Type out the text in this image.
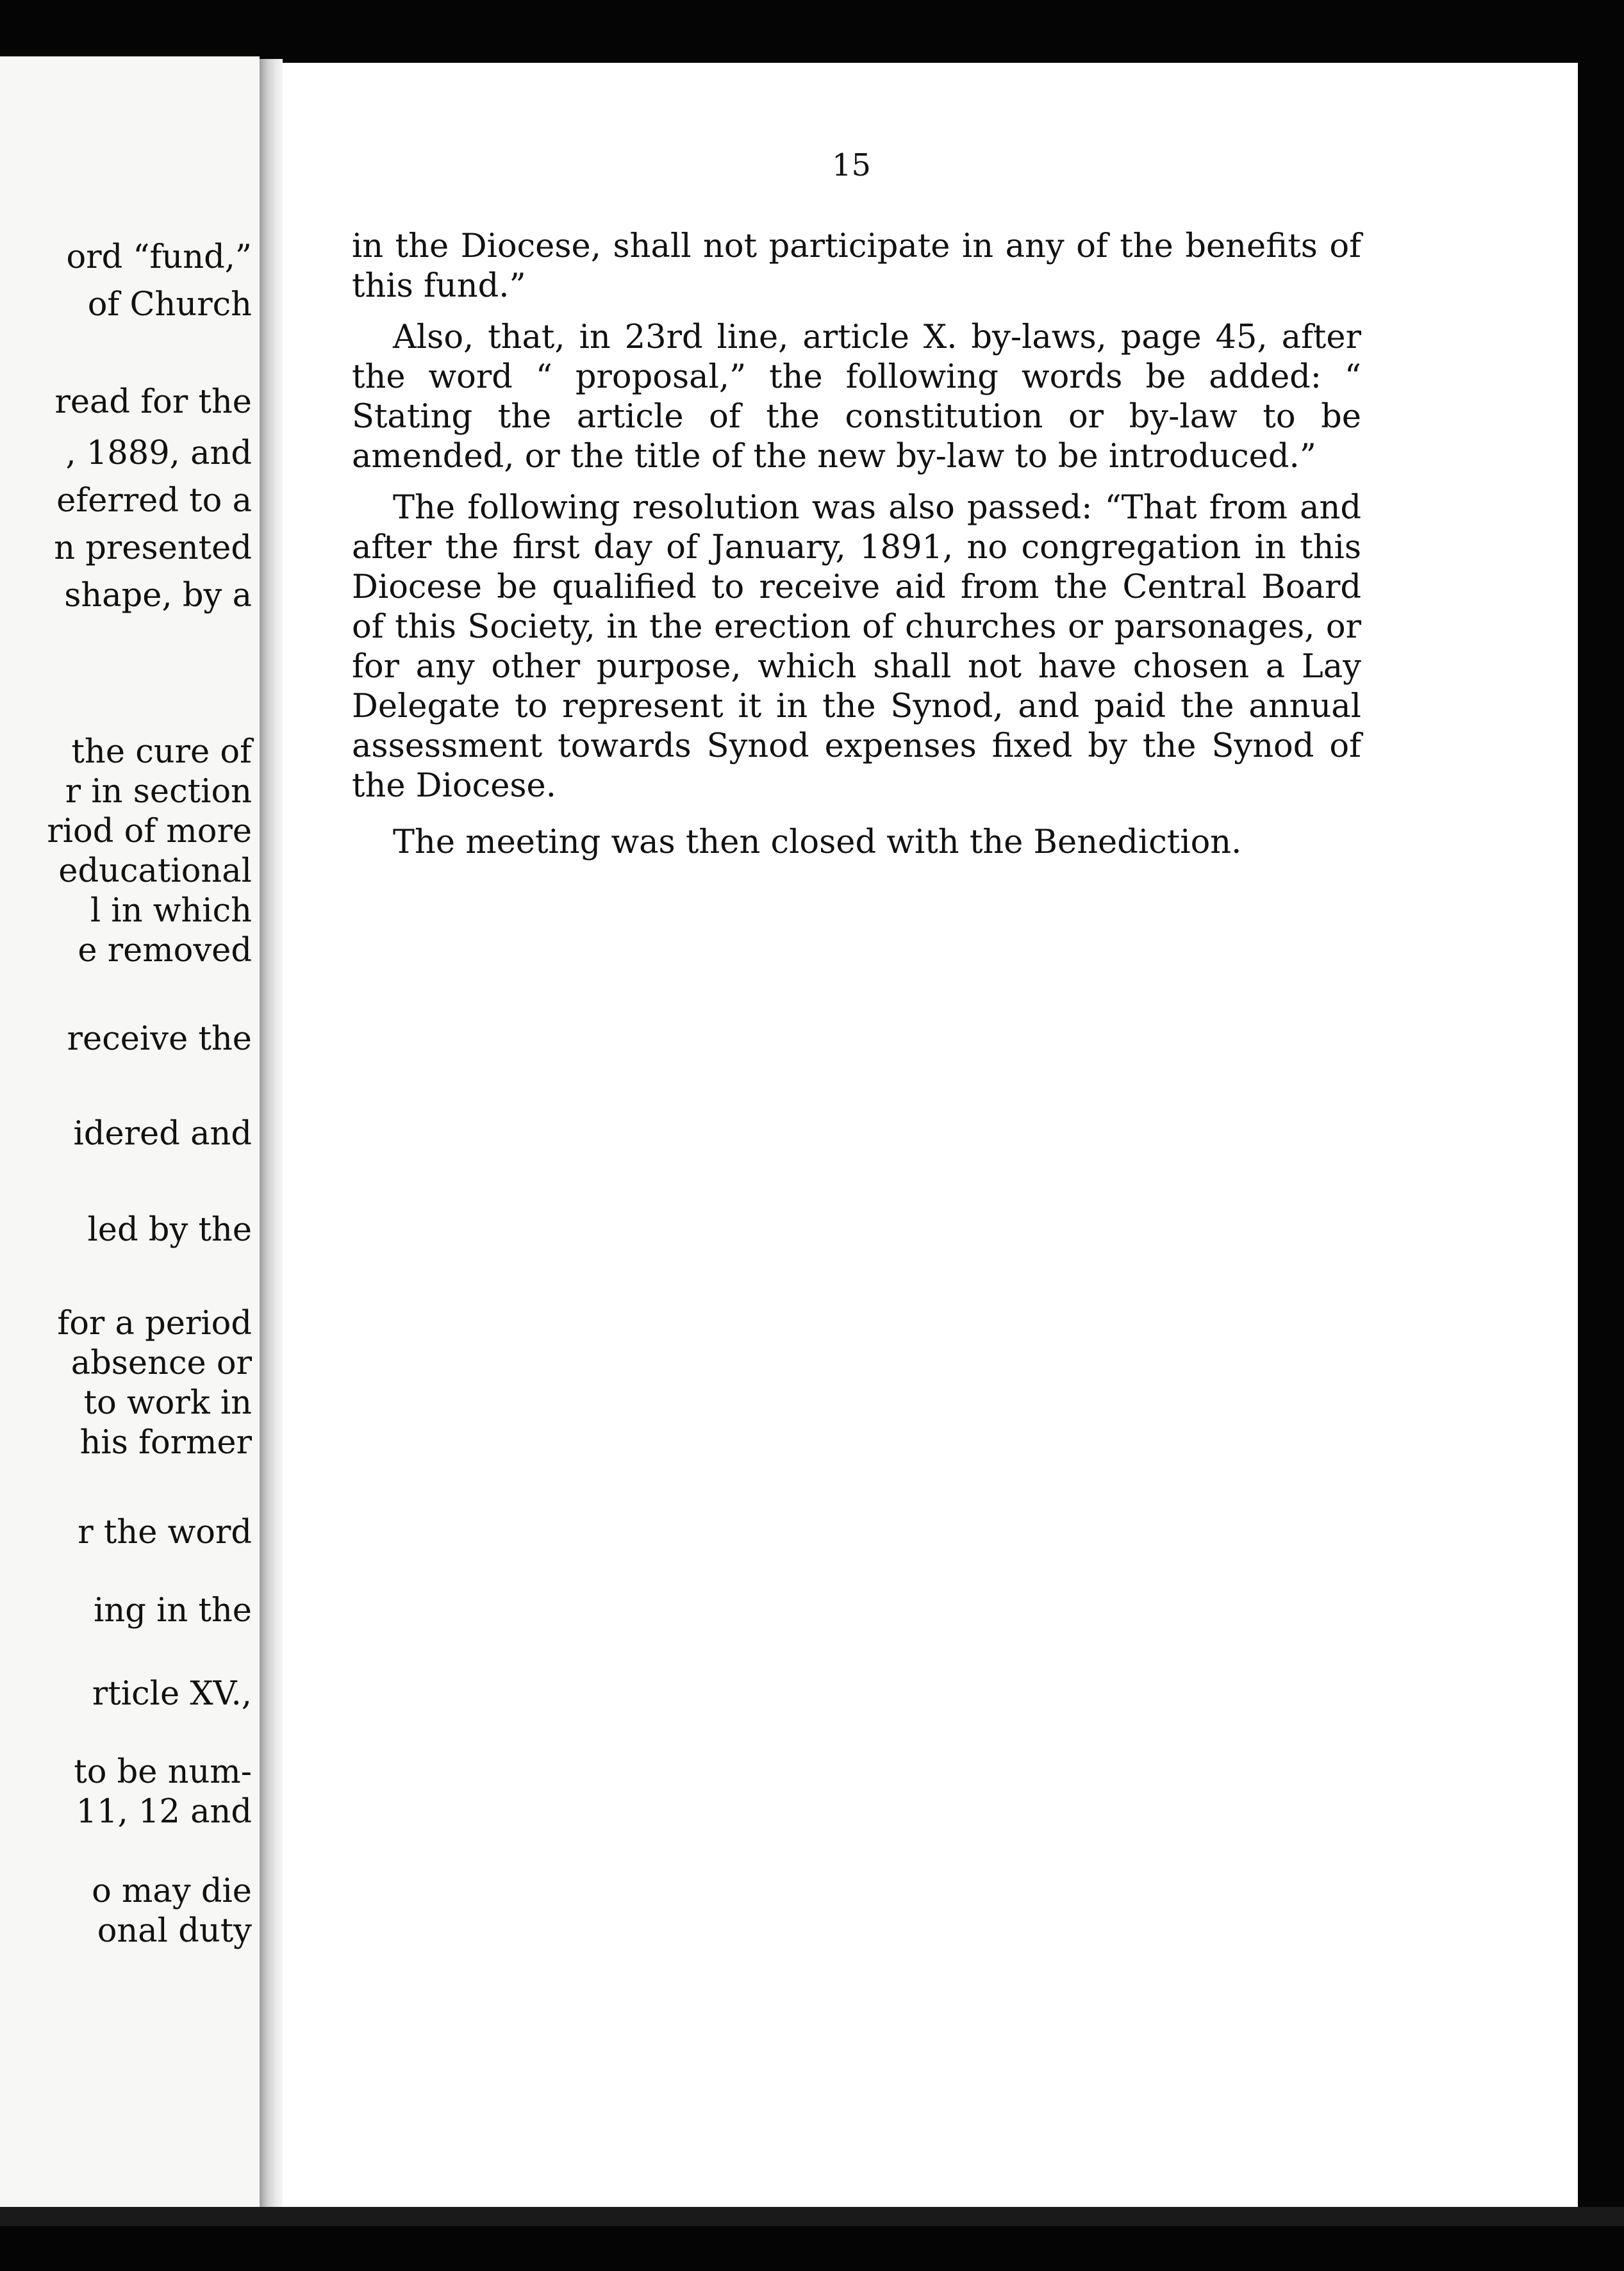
ord “fund,”

of Church

read for the

, 1889, and

eferred to a

n presented

shape, by a

the cure of

r in section

riod of more

educational

l in which

e removed

receive the

idered and

led by the

for a period

absence or

to work in

his former

r the word

ing in the

rticle XV.,

to be num-

11, 12 and

o may die

onal duty

15

in the Diocese, shall not participate in any of the benefits of this fund.”

Also, that, in 23rd line, article X. by-laws, page 45, after the word “ proposal,” the following words be added: “ Stating the article of the constitution or by-law to be amended, or the title of the new by-law to be introduced.”

The following resolution was also passed: “That from and after the first day of January, 1891, no congregation in this Diocese be qualified to receive aid from the Central Board of this Society, in the erection of churches or parsonages, or for any other purpose, which shall not have chosen a Lay Delegate to represent it in the Synod, and paid the annual assessment towards Synod expenses fixed by the Synod of the Diocese.

The meeting was then closed with the Benediction.
